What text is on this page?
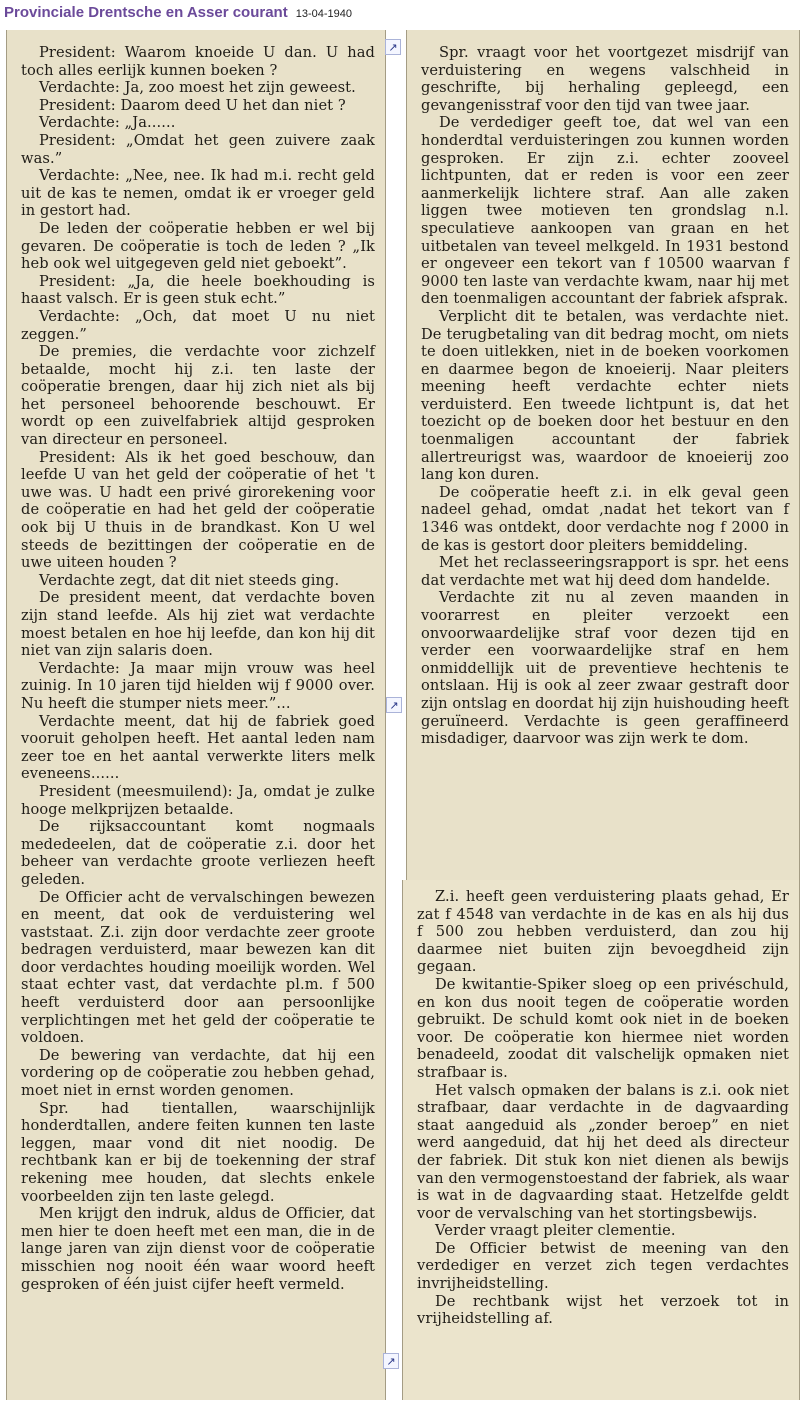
Provinciale Drentsche en Asser courant 13-04-1940

President: Waarom knoeide U dan. U had toch alles eerlijk kunnen boeken ?

Verdachte: Ja, zoo moest het zijn geweest.

President: Daarom deed U het dan niet ?

Verdachte: „Ja......

President: „Omdat het geen zuivere zaak was.”

Verdachte: „Nee, nee. Ik had m.i. recht geld uit de kas te nemen, omdat ik er vroeger geld in gestort had.

De leden der coöperatie hebben er wel bij gevaren. De coöperatie is toch de leden ? „Ik heb ook wel uitgegeven geld niet geboekt”.

President: „Ja, die heele boekhouding is haast valsch. Er is geen stuk echt.”

Verdachte: „Och, dat moet U nu niet zeggen.”

De premies, die verdachte voor zichzelf betaalde, mocht hij z.i. ten laste der coöperatie brengen, daar hij zich niet als bij het personeel behoorende beschouwt. Er wordt op een zuivelfabriek altijd gesproken van directeur en personeel.

President: Als ik het goed beschouw, dan leefde U van het geld der coöperatie of het 't uwe was. U hadt een privé girorekening voor de coöperatie en had het geld der coöperatie ook bij U thuis in de brandkast. Kon U wel steeds de bezittingen der coöperatie en de uwe uiteen houden ?

Verdachte zegt, dat dit niet steeds ging.

De president meent, dat verdachte boven zijn stand leefde. Als hij ziet wat verdachte moest betalen en hoe hij leefde, dan kon hij dit niet van zijn salaris doen.

Verdachte: Ja maar mijn vrouw was heel zuinig. In 10 jaren tijd hielden wij f 9000 over. Nu heeft die stumper niets meer.”...

Verdachte meent, dat hij de fabriek goed vooruit geholpen heeft. Het aantal leden nam zeer toe en het aantal verwerkte liters melk eveneens......

President (meesmuilend): Ja, omdat je zulke hooge melkprijzen betaalde.

De rijksaccountant komt nogmaals mededeelen, dat de coöperatie z.i. door het beheer van verdachte groote verliezen heeft geleden.

De Officier acht de vervalschingen bewezen en meent, dat ook de verduistering wel vaststaat. Z.i. zijn door verdachte zeer groote bedragen verduisterd, maar bewezen kan dit door verdachtes houding moeilijk worden. Wel staat echter vast, dat verdachte pl.m. f 500 heeft verduisterd door aan persoonlijke verplichtingen met het geld der coöperatie te voldoen.

De bewering van verdachte, dat hij een vordering op de coöperatie zou hebben gehad, moet niet in ernst worden genomen.

Spr. had tientallen, waarschijnlijk honderdtallen, andere feiten kunnen ten laste leggen, maar vond dit niet noodig. De rechtbank kan er bij de toekenning der straf rekening mee houden, dat slechts enkele voorbeelden zijn ten laste gelegd.

Men krijgt den indruk, aldus de Officier, dat men hier te doen heeft met een man, die in de lange jaren van zijn dienst voor de coöperatie misschien nog nooit één waar woord heeft gesproken of één juist cijfer heeft vermeld.

Spr. vraagt voor het voortgezet misdrijf van verduistering en wegens valschheid in geschrifte, bij herhaling gepleegd, een gevangenisstraf voor den tijd van twee jaar.

De verdediger geeft toe, dat wel van een honderdtal verduisteringen zou kunnen worden gesproken. Er zijn z.i. echter zooveel lichtpunten, dat er reden is voor een zeer aanmerkelijk lichtere straf. Aan alle zaken liggen twee motieven ten grondslag n.l. speculatieve aankoopen van graan en het uitbetalen van teveel melkgeld. In 1931 bestond er ongeveer een tekort van f 10500 waarvan f 9000 ten laste van verdachte kwam, naar hij met den toenmaligen accountant der fabriek afsprak.

Verplicht dit te betalen, was verdachte niet. De terugbetaling van dit bedrag mocht, om niets te doen uitlekken, niet in de boeken voorkomen en daarmee begon de knoeierij. Naar pleiters meening heeft verdachte echter niets verduisterd. Een tweede lichtpunt is, dat het toezicht op de boeken door het bestuur en den toenmaligen accountant der fabriek allertreurigst was, waardoor de knoeierij zoo lang kon duren.

De coöperatie heeft z.i. in elk geval geen nadeel gehad, omdat ,nadat het tekort van f 1346 was ontdekt, door verdachte nog f 2000 in de kas is gestort door pleiters bemiddeling.

Met het reclasseeringsrapport is spr. het eens dat verdachte met wat hij deed dom handelde.

Verdachte zit nu al zeven maanden in voorarrest en pleiter verzoekt een onvoorwaardelijke straf voor dezen tijd en verder een voorwaardelijke straf en hem onmiddellijk uit de preventieve hechtenis te ontslaan. Hij is ook al zeer zwaar gestraft door zijn ontslag en doordat hij zijn huishouding heeft geruïneerd. Verdachte is geen geraffineerd misdadiger, daarvoor was zijn werk te dom.

Z.i. heeft geen verduistering plaats gehad, Er zat f 4548 van verdachte in de kas en als hij dus f 500 zou hebben verduisterd, dan zou hij daarmee niet buiten zijn bevoegdheid zijn gegaan.

De kwitantie-Spiker sloeg op een privéschuld, en kon dus nooit tegen de coöperatie worden gebruikt. De schuld komt ook niet in de boeken voor. De coöperatie kon hiermee niet worden benadeeld, zoodat dit valschelijk opmaken niet strafbaar is.

Het valsch opmaken der balans is z.i. ook niet strafbaar, daar verdachte in de dagvaarding staat aangeduid als „zonder beroep” en niet werd aangeduid, dat hij het deed als directeur der fabriek. Dit stuk kon niet dienen als bewijs van den vermogenstoestand der fabriek, als waar is wat in de dagvaarding staat. Hetzelfde geldt voor de vervalsching van het stortingsbewijs.

Verder vraagt pleiter clementie.

De Officier betwist de meening van den verdediger en verzet zich tegen verdachtes invrijheidstelling.

De rechtbank wijst het verzoek tot in vrijheidstelling af.

↗
↗
↗
